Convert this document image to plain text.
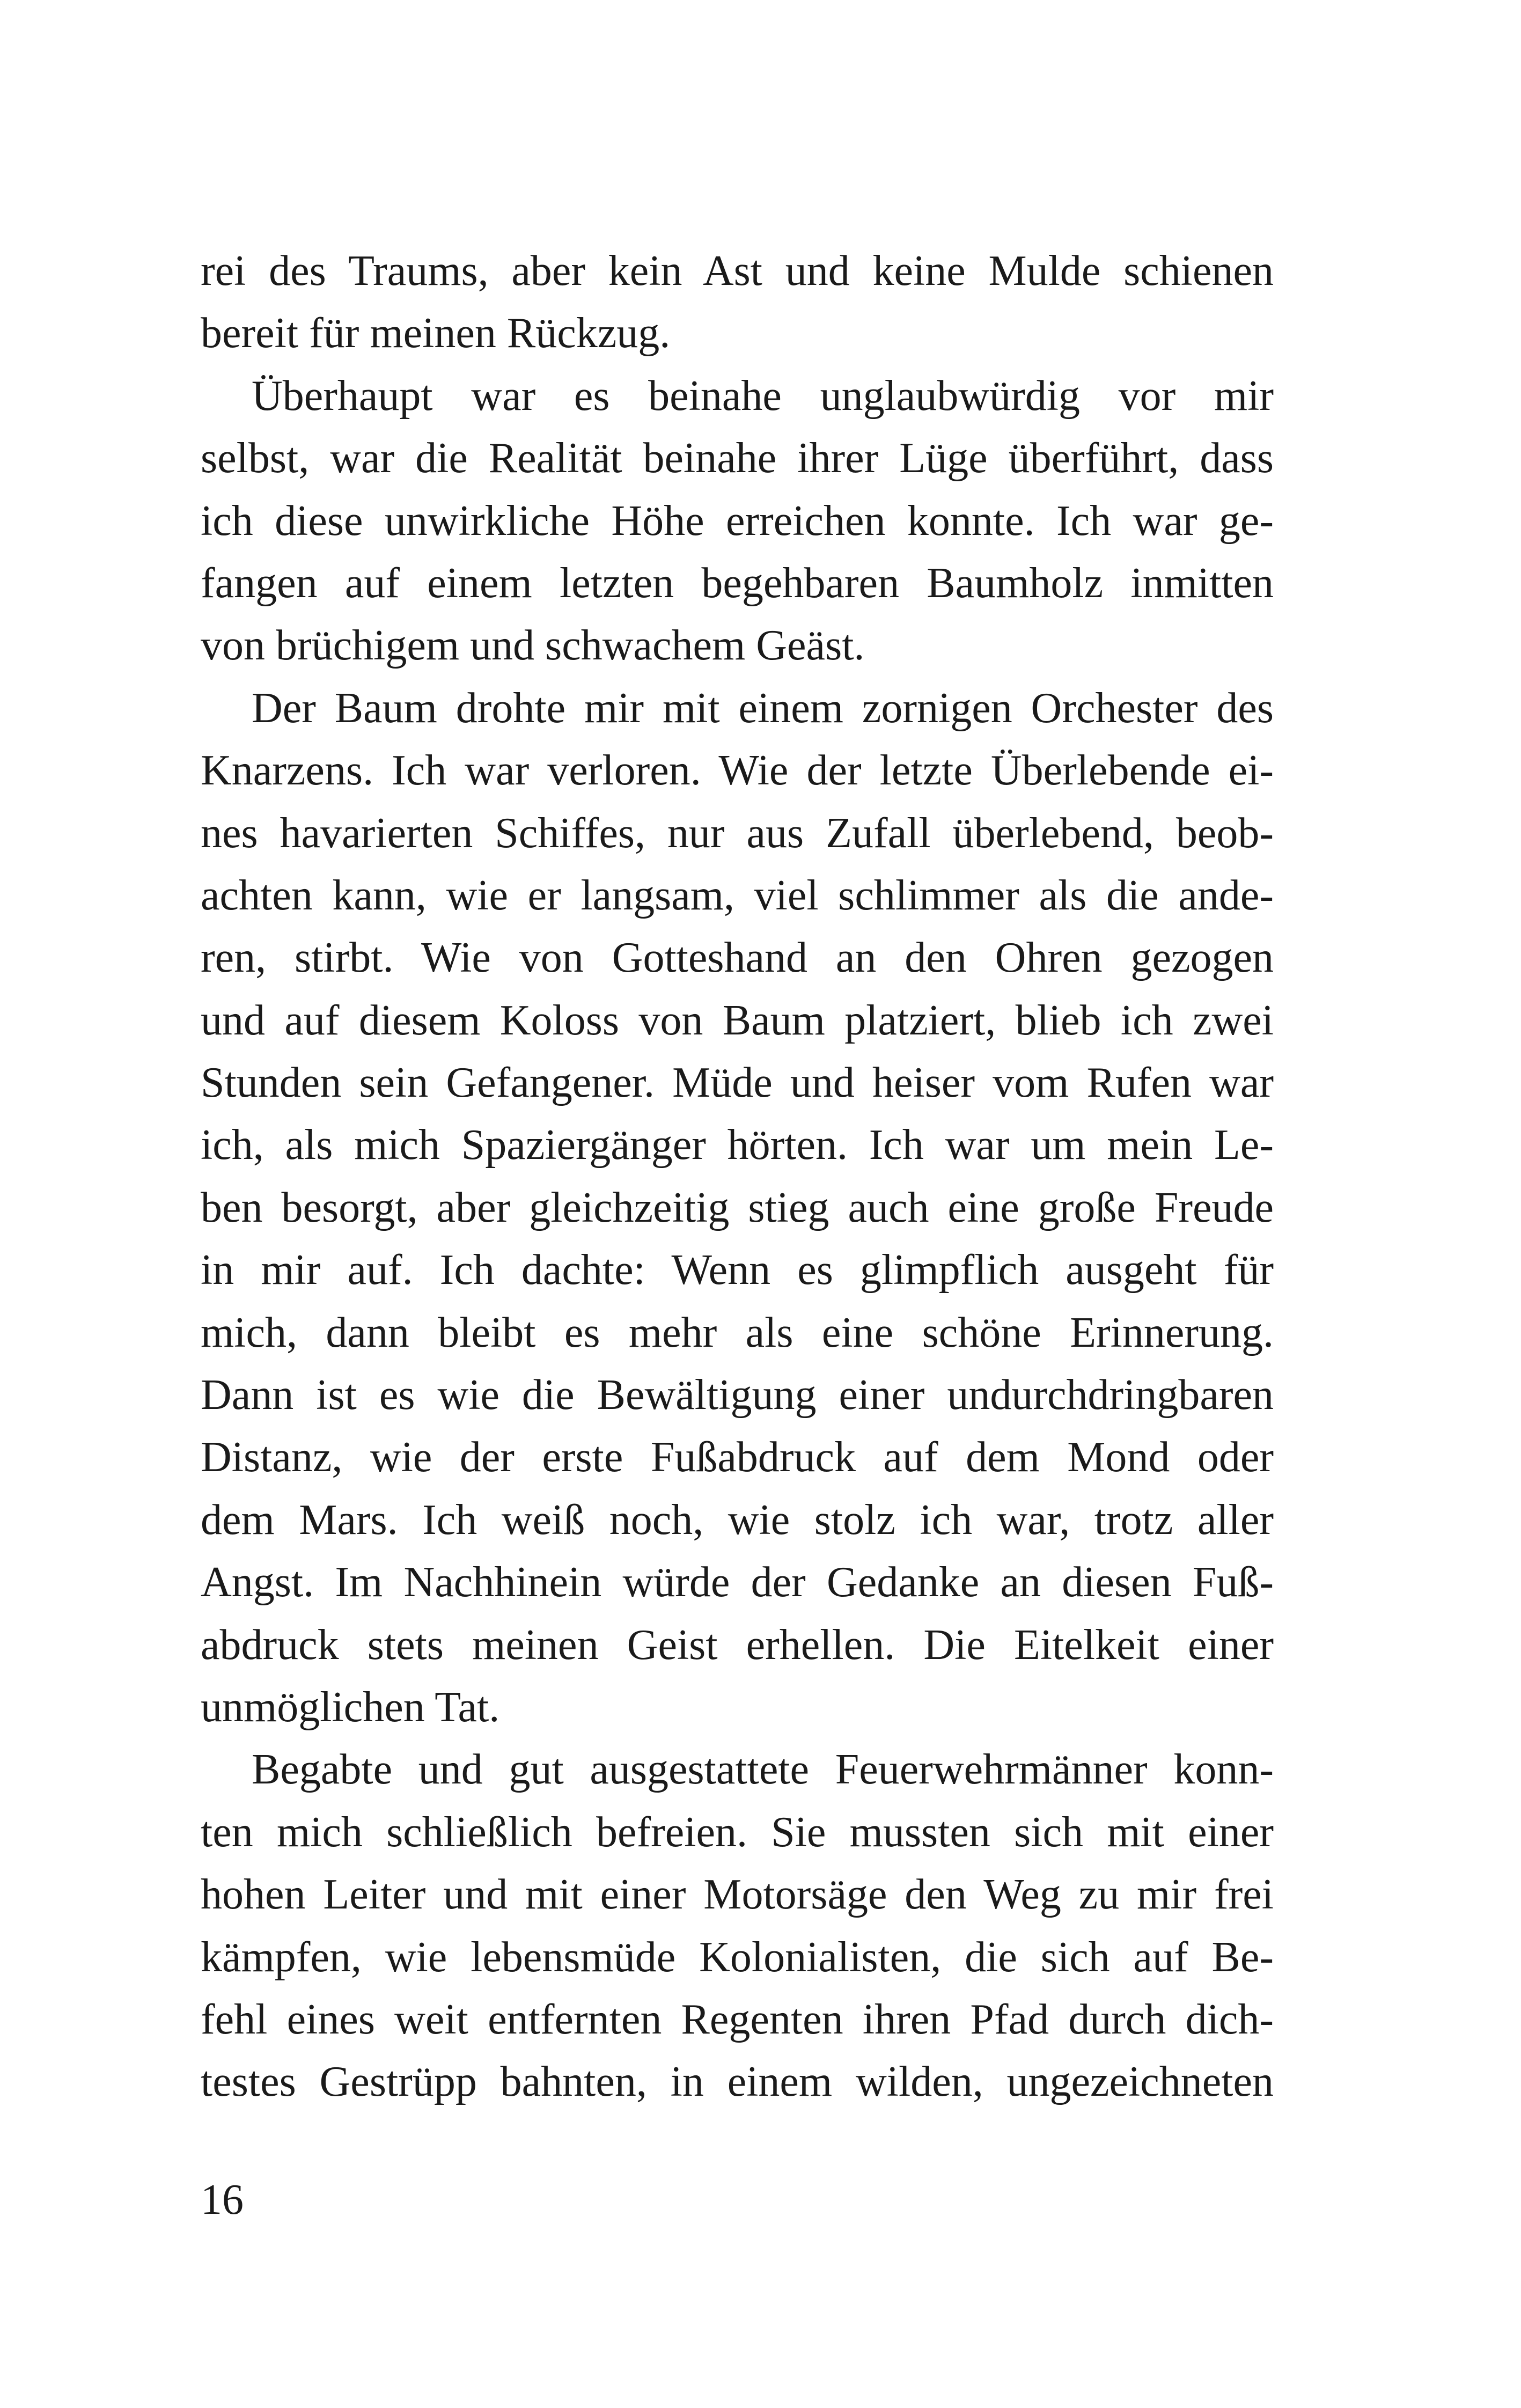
rei des Traums, aber kein Ast und keine Mulde schienen
bereit für meinen Rückzug.
Überhaupt war es beinahe unglaubwürdig vor mir
selbst, war die Realität beinahe ihrer Lüge überführt, dass
ich diese unwirkliche Höhe erreichen konnte. Ich war ge-
fangen auf einem letzten begehbaren Baumholz inmitten
von brüchigem und schwachem Geäst.
Der Baum drohte mir mit einem zornigen Orchester des
Knarzens. Ich war verloren. Wie der letzte Überlebende ei-
nes havarierten Schiffes, nur aus Zufall überlebend, beob-
achten kann, wie er langsam, viel schlimmer als die ande-
ren, stirbt. Wie von Gotteshand an den Ohren gezogen
und auf diesem Koloss von Baum platziert, blieb ich zwei
Stunden sein Gefangener. Müde und heiser vom Rufen war
ich, als mich Spaziergänger hörten. Ich war um mein Le-
ben besorgt, aber gleichzeitig stieg auch eine große Freude
in mir auf. Ich dachte: Wenn es glimpflich ausgeht für
mich, dann bleibt es mehr als eine schöne Erinnerung.
Dann ist es wie die Bewältigung einer undurchdringbaren
Distanz, wie der erste Fußabdruck auf dem Mond oder
dem Mars. Ich weiß noch, wie stolz ich war, trotz aller
Angst. Im Nachhinein würde der Gedanke an diesen Fuß-
abdruck stets meinen Geist erhellen. Die Eitelkeit einer
unmöglichen Tat.
Begabte und gut ausgestattete Feuerwehrmänner konn-
ten mich schließlich befreien. Sie mussten sich mit einer
hohen Leiter und mit einer Motorsäge den Weg zu mir frei
kämpfen, wie lebensmüde Kolonialisten, die sich auf Be-
fehl eines weit entfernten Regenten ihren Pfad durch dich-
testes Gestrüpp bahnten, in einem wilden, ungezeichneten
16
